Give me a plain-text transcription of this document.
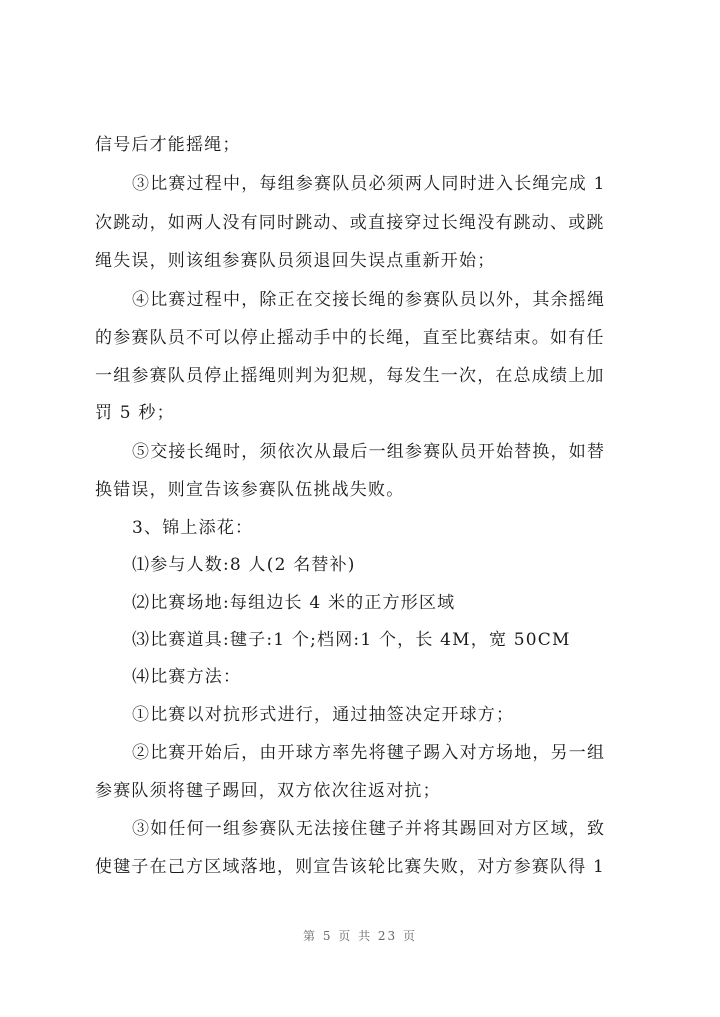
信号后才能摇绳；
③比赛过程中，每组参赛队员必须两人同时进入长绳完成 1
次跳动，如两人没有同时跳动、或直接穿过长绳没有跳动、或跳
绳失误，则该组参赛队员须退回失误点重新开始；
④比赛过程中，除正在交接长绳的参赛队员以外，其余摇绳
的参赛队员不可以停止摇动手中的长绳，直至比赛结束。如有任
一组参赛队员停止摇绳则判为犯规，每发生一次，在总成绩上加
罚 5 秒；
⑤交接长绳时，须依次从最后一组参赛队员开始替换，如替
换错误，则宣告该参赛队伍挑战失败。
3、锦上添花：
⑴参与人数:8 人(2 名替补)
⑵比赛场地:每组边长 4 米的正方形区域
⑶比赛道具:毽子:1 个;档网:1 个，长 4M，宽 50CM
⑷比赛方法：
①比赛以对抗形式进行，通过抽签决定开球方；
②比赛开始后，由开球方率先将毽子踢入对方场地，另一组
参赛队须将毽子踢回，双方依次往返对抗；
③如任何一组参赛队无法接住毽子并将其踢回对方区域，致
使毽子在己方区域落地，则宣告该轮比赛失败，对方参赛队得 1
第 5 页 共 23 页
